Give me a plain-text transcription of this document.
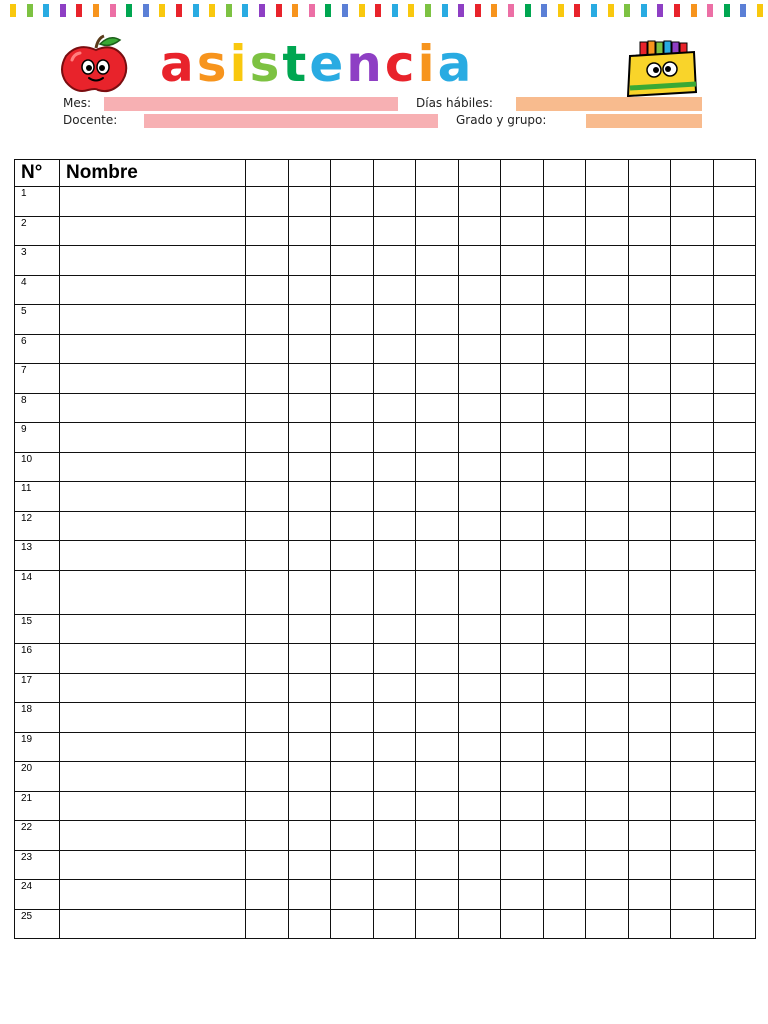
a s i s t e n c i a
Mes:	Días hábiles:
Docente:	Grado y grupo:
N°	Nombre												
1													
2													
3													
4													
5													
6													
7													
8													
9													
10													
11													
12													
13													
14													
15													
16													
17													
18													
19													
20													
21													
22													
23													
24													
25													
